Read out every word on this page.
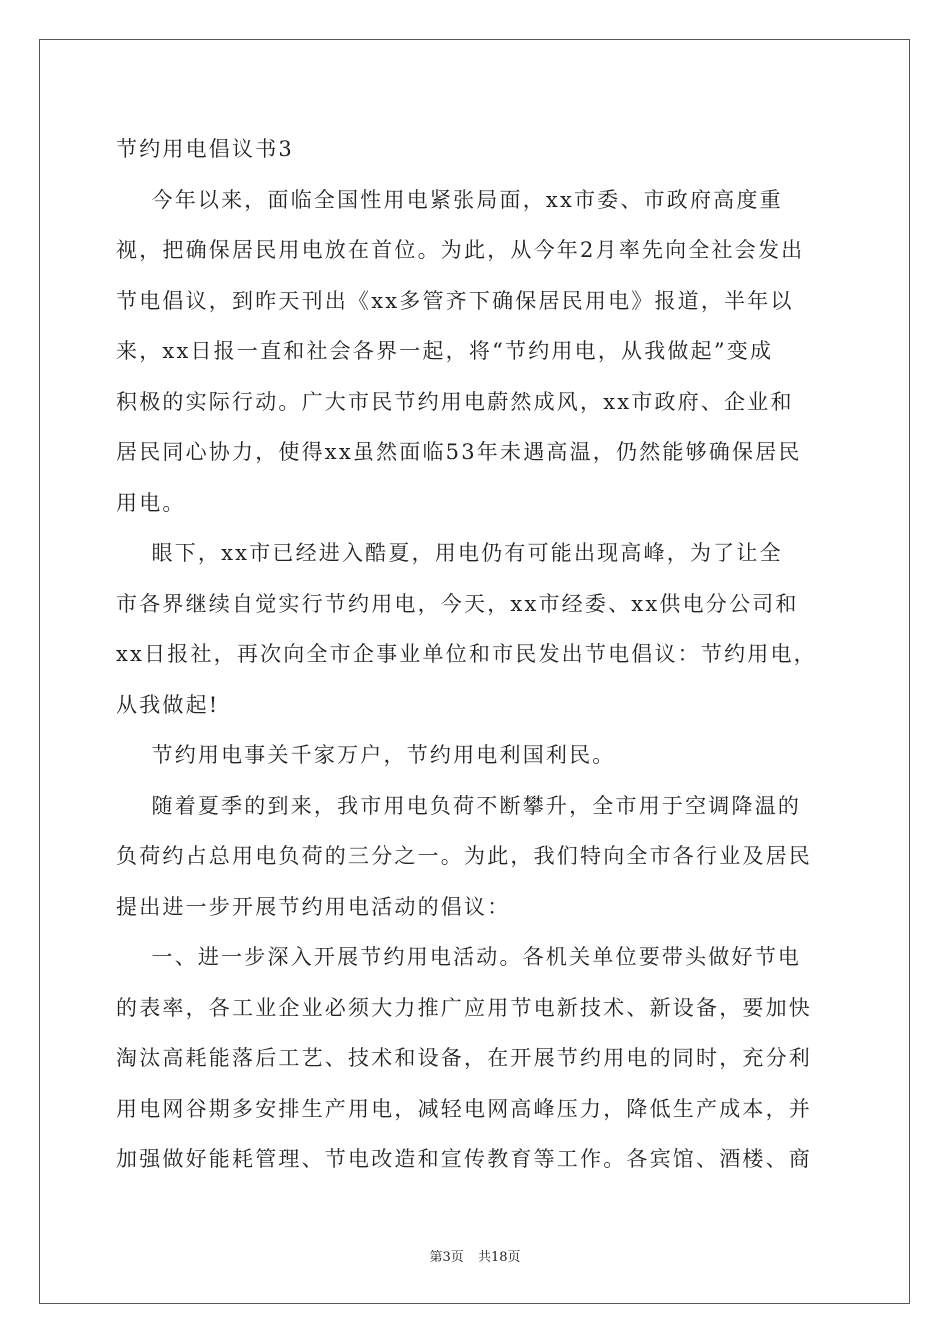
节约用电倡议书3
今年以来，面临全国性用电紧张局面，xx市委、市政府高度重
视，把确保居民用电放在首位。为此，从今年2月率先向全社会发出
节电倡议，到昨天刊出《xx多管齐下确保居民用电》报道，半年以
来，xx日报一直和社会各界一起，将“节约用电，从我做起”变成
积极的实际行动。广大市民节约用电蔚然成风，xx市政府、企业和
居民同心协力，使得xx虽然面临53年未遇高温，仍然能够确保居民
用电。
眼下，xx市已经进入酷夏，用电仍有可能出现高峰，为了让全
市各界继续自觉实行节约用电，今天，xx市经委、xx供电分公司和
xx日报社，再次向全市企事业单位和市民发出节电倡议：节约用电，
从我做起!
节约用电事关千家万户，节约用电利国利民。
随着夏季的到来，我市用电负荷不断攀升，全市用于空调降温的
负荷约占总用电负荷的三分之一。为此，我们特向全市各行业及居民
提出进一步开展节约用电活动的倡议：
一、进一步深入开展节约用电活动。各机关单位要带头做好节电
的表率，各工业企业必须大力推广应用节电新技术、新设备，要加快
淘汰高耗能落后工艺、技术和设备，在开展节约用电的同时，充分利
用电网谷期多安排生产用电，减轻电网高峰压力，降低生产成本，并
加强做好能耗管理、节电改造和宣传教育等工作。各宾馆、酒楼、商
第3页 共18页
